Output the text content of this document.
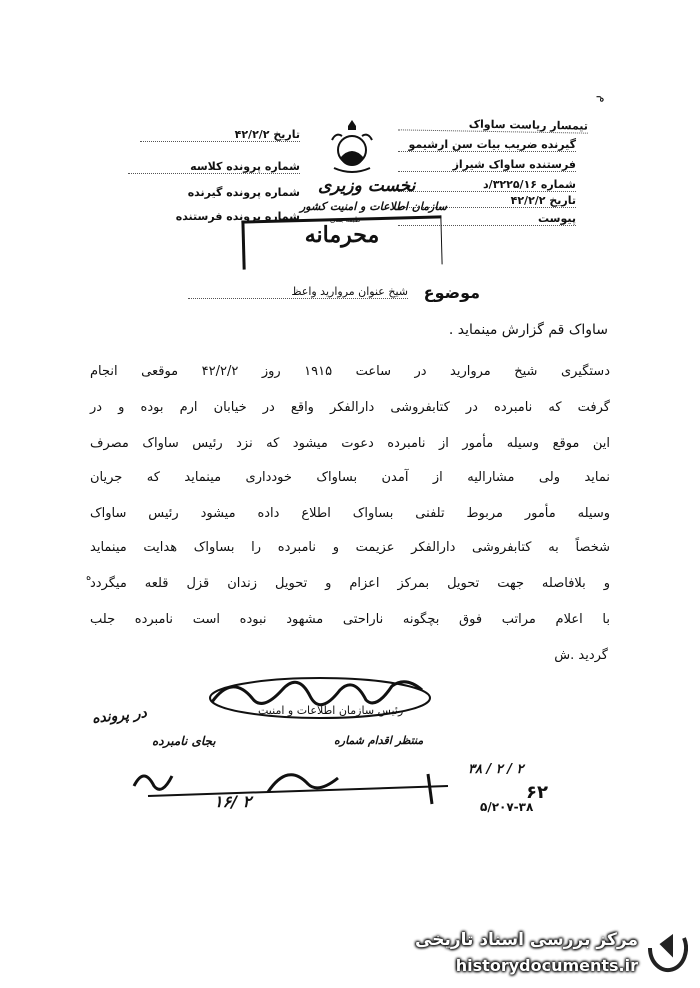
م
تیمسار ریاست ساواک
گیرنده ضریب بیات سن ارشیمو
فرستنده ساواک شیراز
شماره ۳۲۲۵/۱۶/د
تاریخ ۴۲/۲/۲
پیوست
تاریخ ۴۲/۲/۲
شماره پرونده کلاسه
شماره پرونده گیرنده
شماره پرونده فرستنده
نخست وزیری
سازمان اطلاعات و امنیت کشور
طبقه بندی
محرمانه
موضوع
شیخ عنوان مروارید واعظ
ساواک قم گزارش مینماید .
دستگیری شیخ مروارید در ساعت ۱۹۱۵ روز ۴۲/۲/۲ موقعی انجام
گرفت که نامبرده در کتابفروشی دارالفکر واقع در خیابان ارم بوده و در
این موقع وسیله مأمور از نامبرده دعوت میشود که نزد رئیس ساواک مصرف
نماید ولی مشارالیه از آمدن بساواک خودداری مینماید که جریان
وسیله مأمور مربوط تلفنی بساواک اطلاع داده میشود رئیس ساواک
شخصاً به کتابفروشی دارالفکر عزیمت و نامبرده را بساواک هدایت مینماید
و بلافاصله جهت تحویل بمرکز اعزام و تحویل زندان قزل قلعه میگردد
با اعلام مراتب فوق بچگونه ناراحتی مشهود نبوده است نامبرده جلب
گردید .ش
رئیس سازمان اطلاعات و امنیت
در پرونده
بجای نامبرده	منتظر اقدام شماره
۳۸ / ۲ / ۲
۶۲
۵/۲۰۷-۳۸
۱۶/ ۲
ه
مرکز بررسی اسناد تاریخی
historydocuments.ir
